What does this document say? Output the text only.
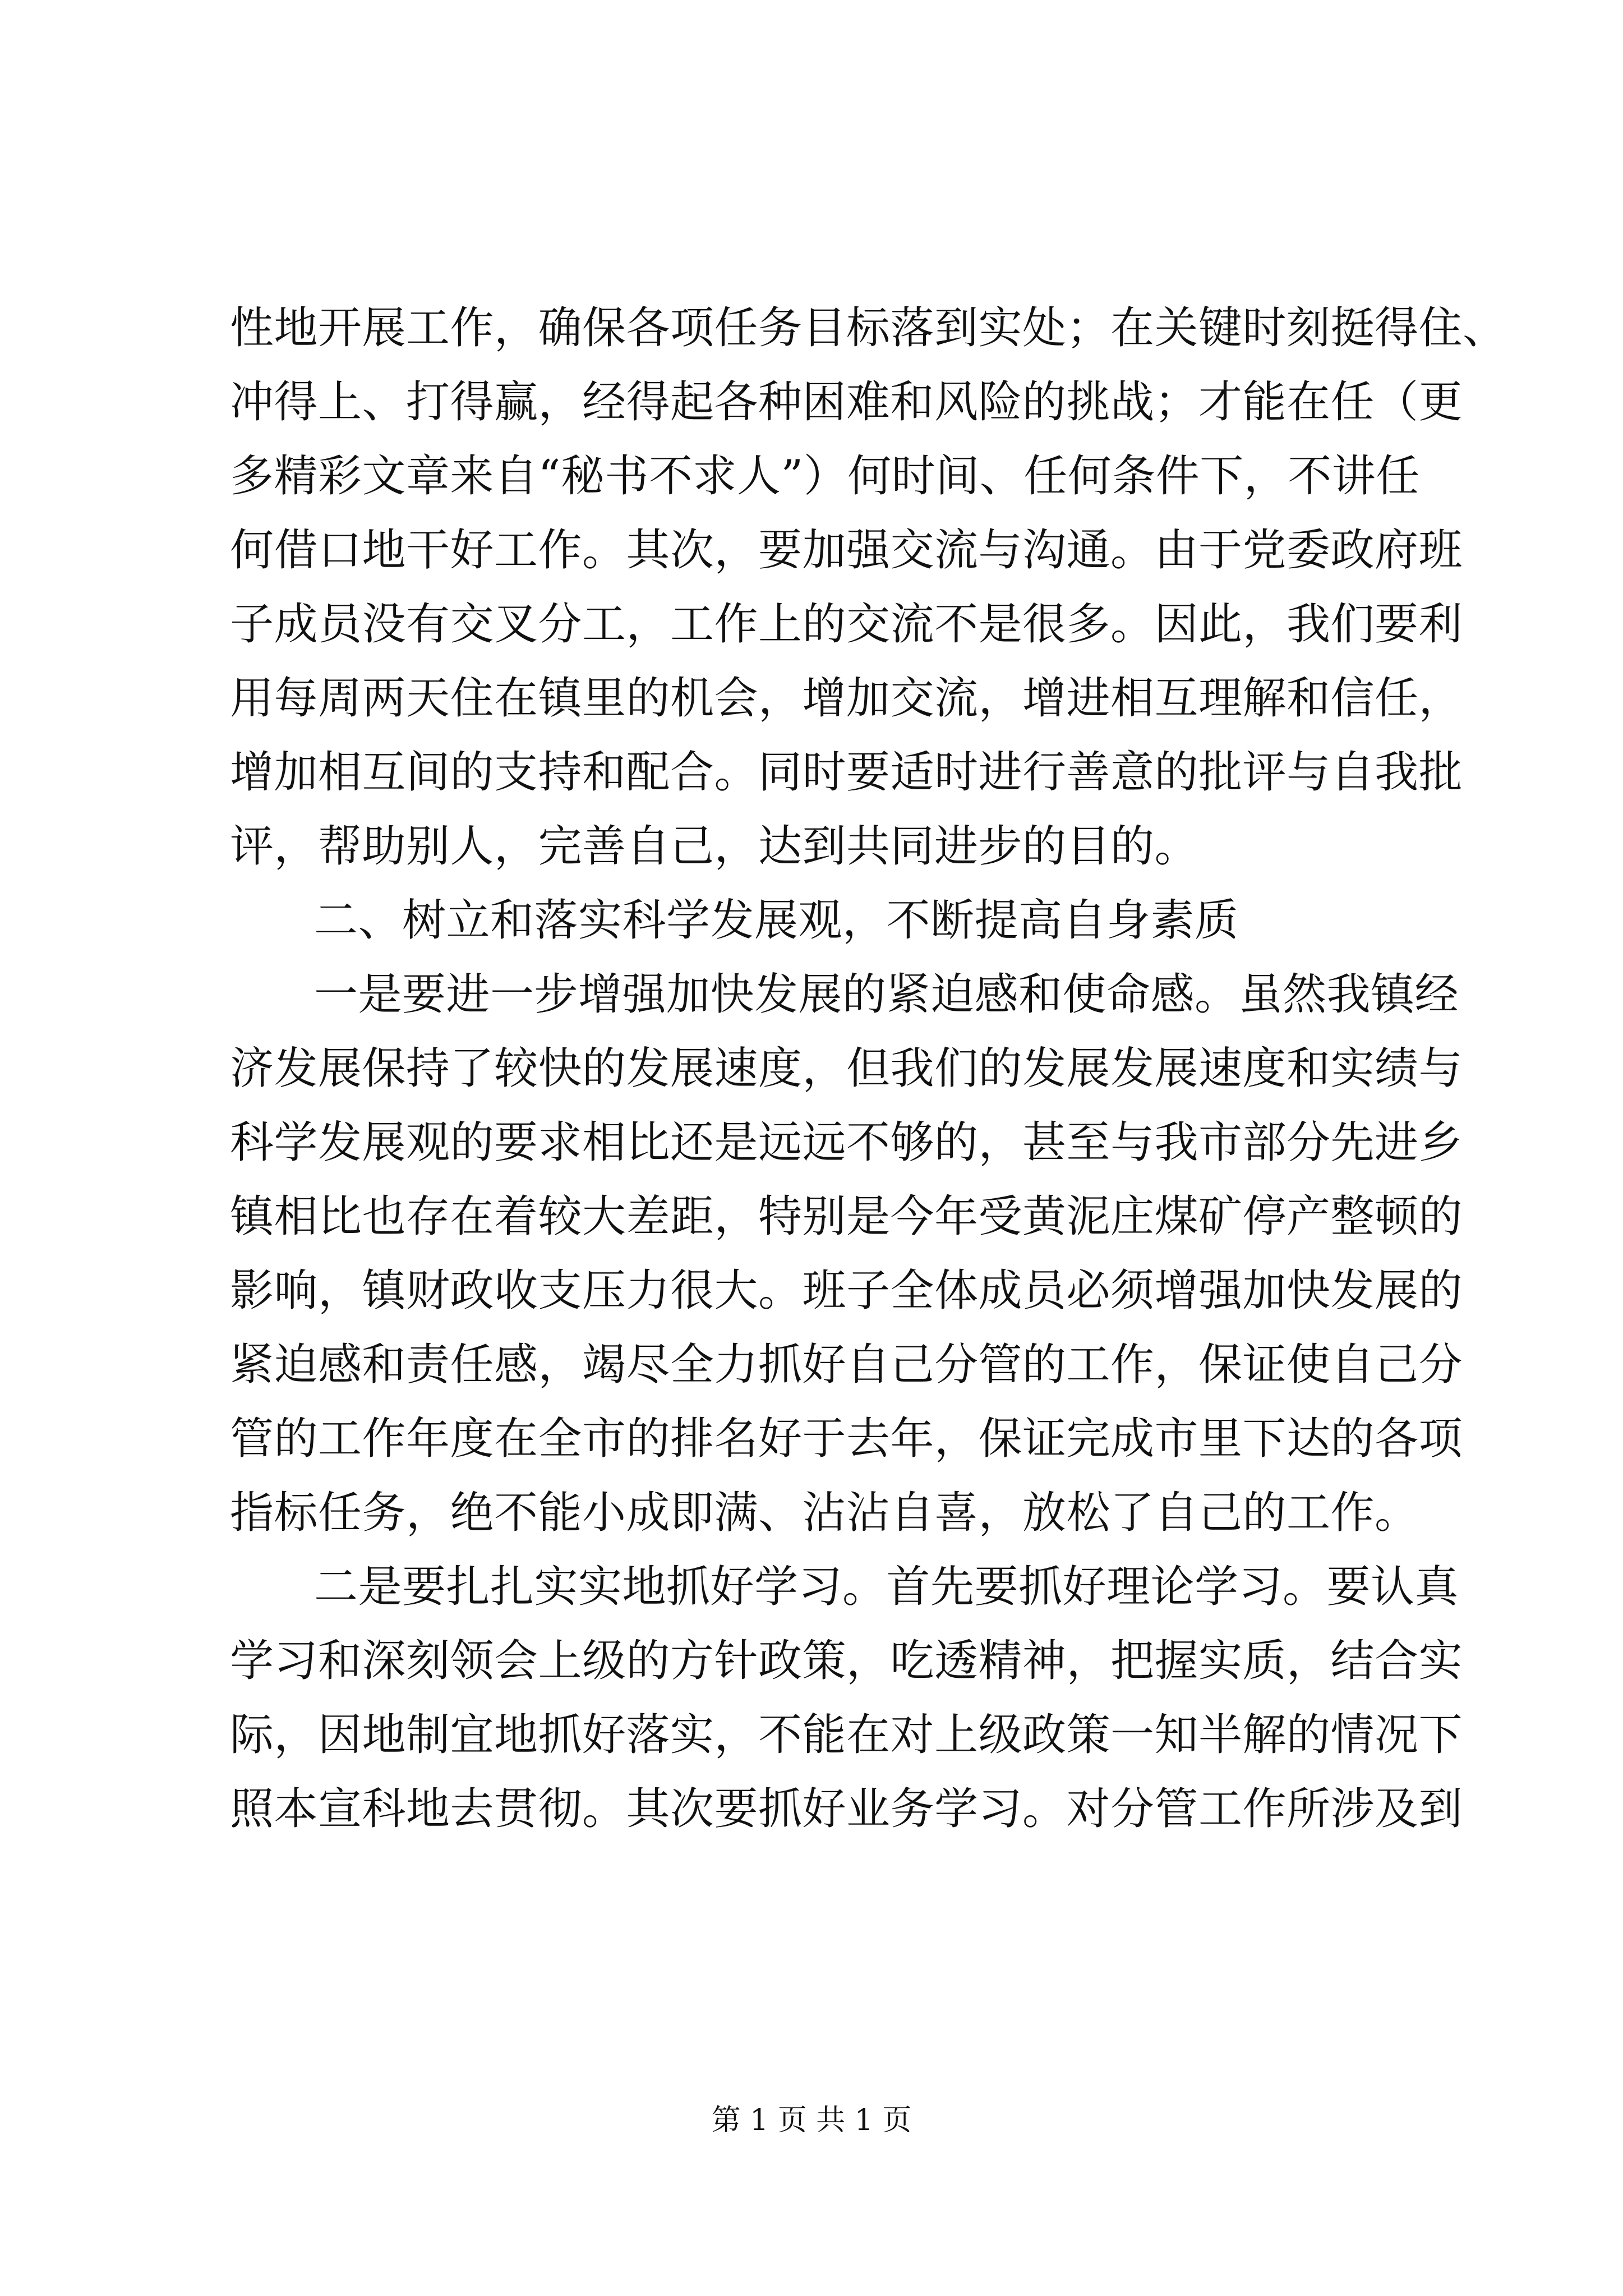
性地开展工作，确保各项任务目标落到实处；在关键时刻挺得住、
冲得上、打得赢，经得起各种困难和风险的挑战；才能在任（更
多精彩文章来自“秘书不求人”）何时间、任何条件下，不讲任
何借口地干好工作。其次，要加强交流与沟通。由于党委政府班
子成员没有交叉分工，工作上的交流不是很多。因此，我们要利
用每周两天住在镇里的机会，增加交流，增进相互理解和信任，
增加相互间的支持和配合。同时要适时进行善意的批评与自我批
评，帮助别人，完善自己，达到共同进步的目的。
二、树立和落实科学发展观，不断提高自身素质
一是要进一步增强加快发展的紧迫感和使命感。虽然我镇经
济发展保持了较快的发展速度，但我们的发展发展速度和实绩与
科学发展观的要求相比还是远远不够的，甚至与我市部分先进乡
镇相比也存在着较大差距，特别是今年受黄泥庄煤矿停产整顿的
影响，镇财政收支压力很大。班子全体成员必须增强加快发展的
紧迫感和责任感，竭尽全力抓好自己分管的工作，保证使自己分
管的工作年度在全市的排名好于去年，保证完成市里下达的各项
指标任务，绝不能小成即满、沾沾自喜，放松了自己的工作。
二是要扎扎实实地抓好学习。首先要抓好理论学习。要认真
学习和深刻领会上级的方针政策，吃透精神，把握实质，结合实
际，因地制宜地抓好落实，不能在对上级政策一知半解的情况下
照本宣科地去贯彻。其次要抓好业务学习。对分管工作所涉及到
第 1 页 共 1 页
